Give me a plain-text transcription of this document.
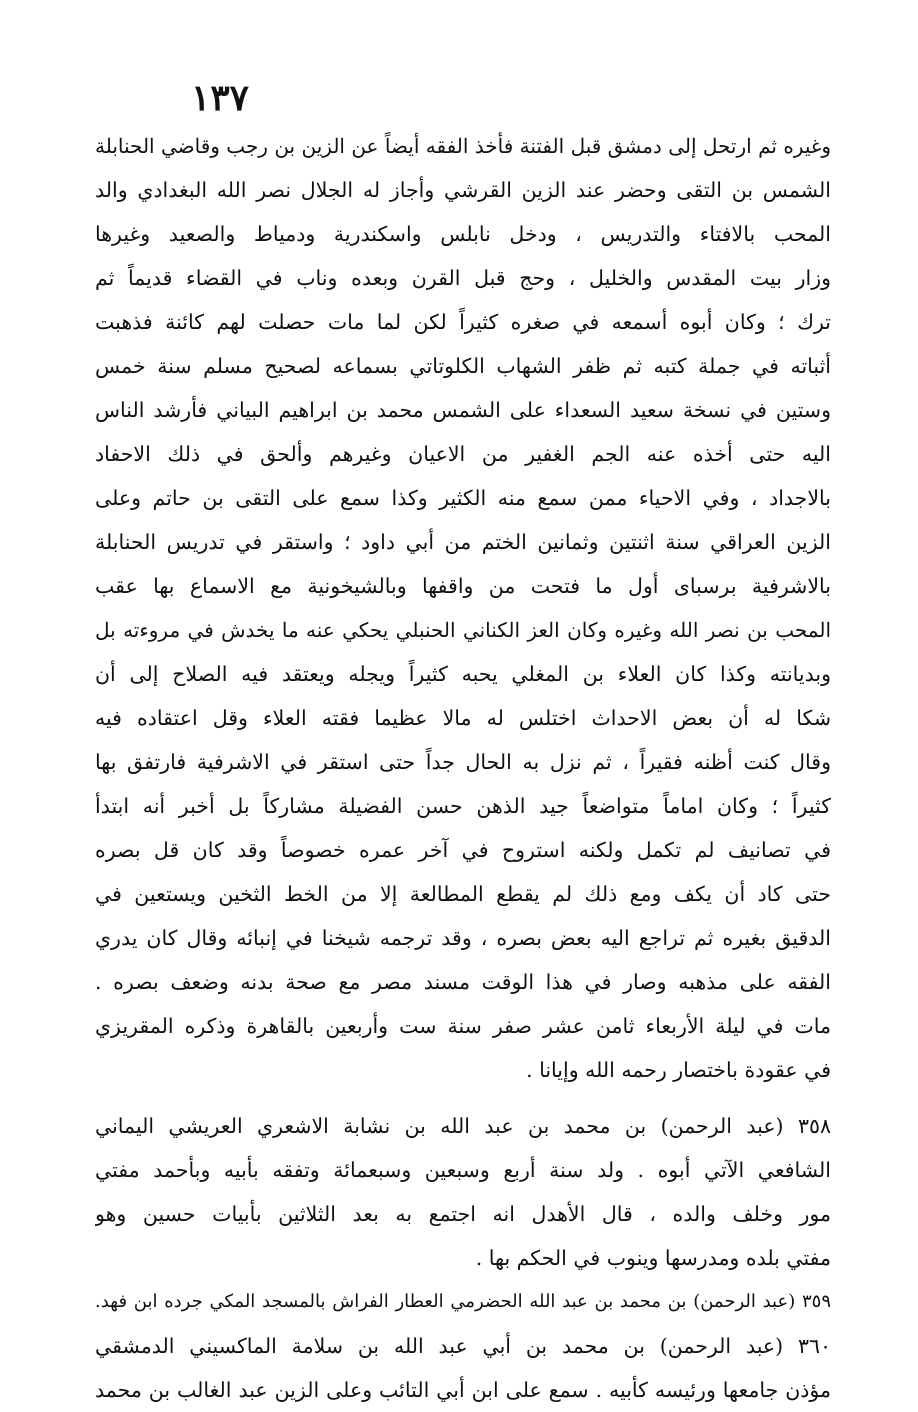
١٣٧
وغيره ثم ارتحل إلى دمشق قبل الفتنة فأخذ الفقه أيضاً عن الزين بن رجب وقاضي الحنابلة
الشمس بن التقى وحضر عند الزين القرشي وأجاز له الجلال نصر الله البغدادي والد
المحب بالافتاء والتدريس ، ودخل نابلس واسكندرية ودمياط والصعيد وغيرها
وزار بيت المقدس والخليل ، وحج قبل القرن وبعده وناب في القضاء قديماً ثم
ترك ؛ وكان أبوه أسمعه في صغره كثيراً لكن لما مات حصلت لهم كائنة فذهبت
أثباته في جملة كتبه ثم ظفر الشهاب الكلوتاتي بسماعه لصحيح مسلم سنة خمس
وستين في نسخة سعيد السعداء على الشمس محمد بن ابراهيم البياني فأرشد الناس
اليه حتى أخذه عنه الجم الغفير من الاعيان وغيرهم وألحق في ذلك الاحفاد
بالاجداد ، وفي الاحياء ممن سمع منه الكثير وكذا سمع على التقى بن حاتم وعلى
الزين العراقي سنة اثنتين وثمانين الختم من أبي داود ؛ واستقر في تدريس الحنابلة
بالاشرفية برسباى أول ما فتحت من واقفها وبالشيخونية مع الاسماع بها عقب
المحب بن نصر الله وغيره وكان العز الكناني الحنبلي يحكي عنه ما يخدش في مروءته بل
وبديانته وكذا كان العلاء بن المغلي يحبه كثيراً ويجله ويعتقد فيه الصلاح إلى أن
شكا له أن بعض الاحداث اختلس له مالا عظيما فقته العلاء وقل اعتقاده فيه
وقال كنت أظنه فقيراً ، ثم نزل به الحال جداً حتى استقر في الاشرفية فارتفق بها
كثيراً ؛ وكان اماماً متواضعاً جيد الذهن حسن الفضيلة مشاركاً بل أخبر أنه ابتدأ
في تصانيف لم تكمل ولكنه استروح في آخر عمره خصوصاً وقد كان قل بصره
حتى كاد أن يكف ومع ذلك لم يقطع المطالعة إلا من الخط الثخين ويستعين في
الدقيق بغيره ثم تراجع اليه بعض بصره ، وقد ترجمه شيخنا في إنبائه وقال كان يدري
الفقه على مذهبه وصار في هذا الوقت مسند مصر مع صحة بدنه وضعف بصره .
مات في ليلة الأربعاء ثامن عشر صفر سنة ست وأربعين بالقاهرة وذكره المقريزي
في عقودة باختصار رحمه الله وإيانا .
٣٥٨ (عبد الرحمن) بن محمد بن عبد الله بن نشابة الاشعري العريشي اليماني
الشافعي الآتي أبوه . ولد سنة أربع وسبعين وسبعمائة وتفقه بأبيه وبأحمد مفتي
مور وخلف والده ، قال الأهدل انه اجتمع به بعد الثلاثين بأبيات حسين وهو
مفتي بلده ومدرسها وينوب في الحكم بها .
٣٥٩ (عبد الرحمن) بن محمد بن عبد الله الحضرمي العطار الفراش بالمسجد المكي جرده ابن فهد.
٣٦٠ (عبد الرحمن) بن محمد بن أبي عبد الله بن سلامة الماكسيني الدمشقي
مؤذن جامعها ورئيسه كأبيه . سمع على ابن أبي التائب وعلى الزين عبد الغالب بن محمد
